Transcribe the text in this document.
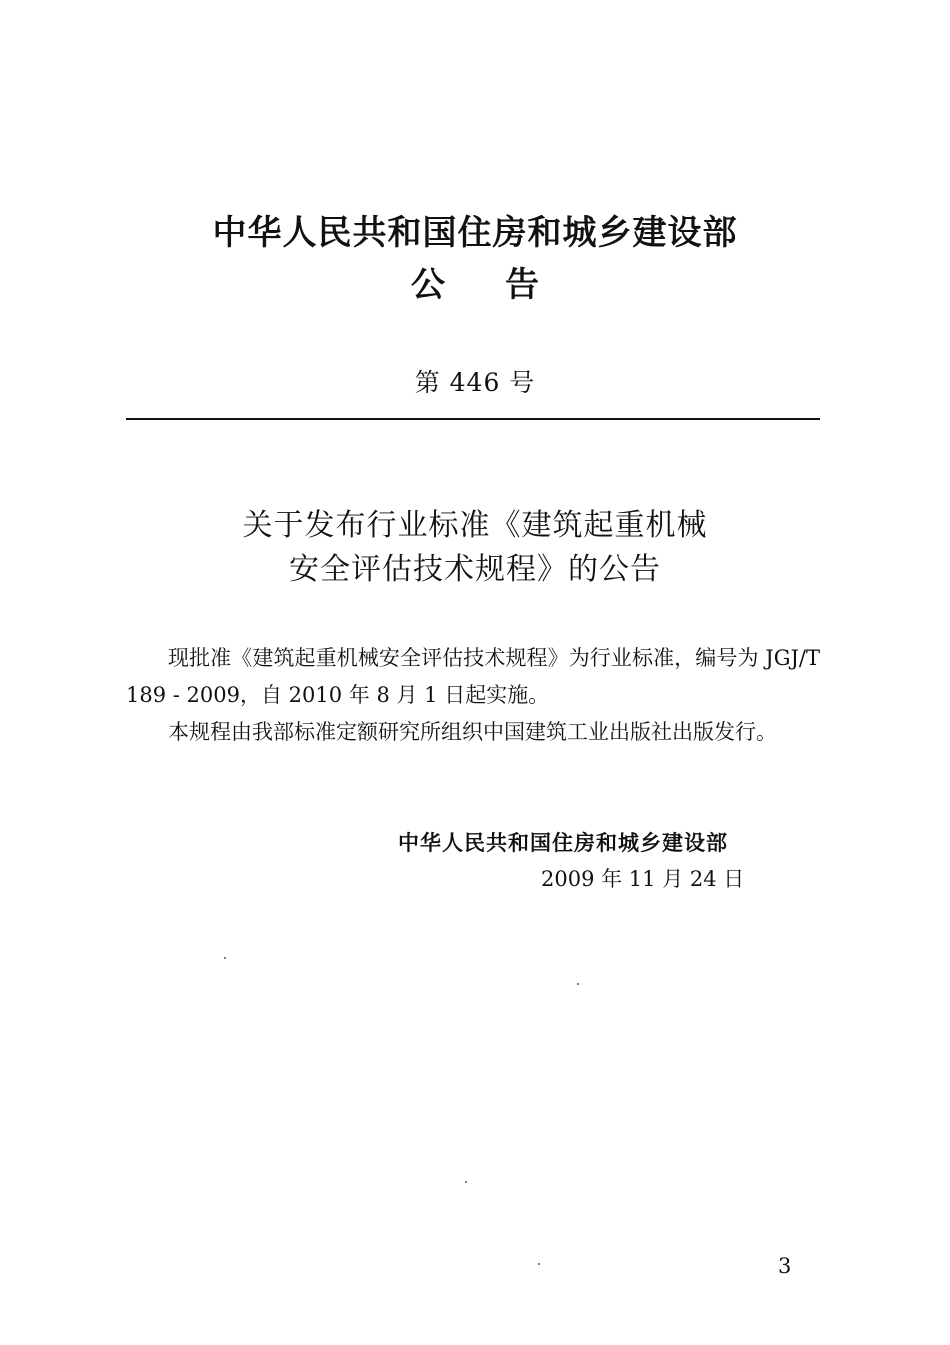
中华人民共和国住房和城乡建设部
公告
第 446 号
关于发布行业标准《建筑起重机械
安全评估技术规程》的公告

现批准《建筑起重机械安全评估技术规程》为行业标准，编号为 JGJ/T 189 - 2009，自 2010 年 8 月 1 日起实施。

本规程由我部标准定额研究所组织中国建筑工业出版社出版发行。

中华人民共和国住房和城乡建设部
2009 年 11 月 24 日
3
